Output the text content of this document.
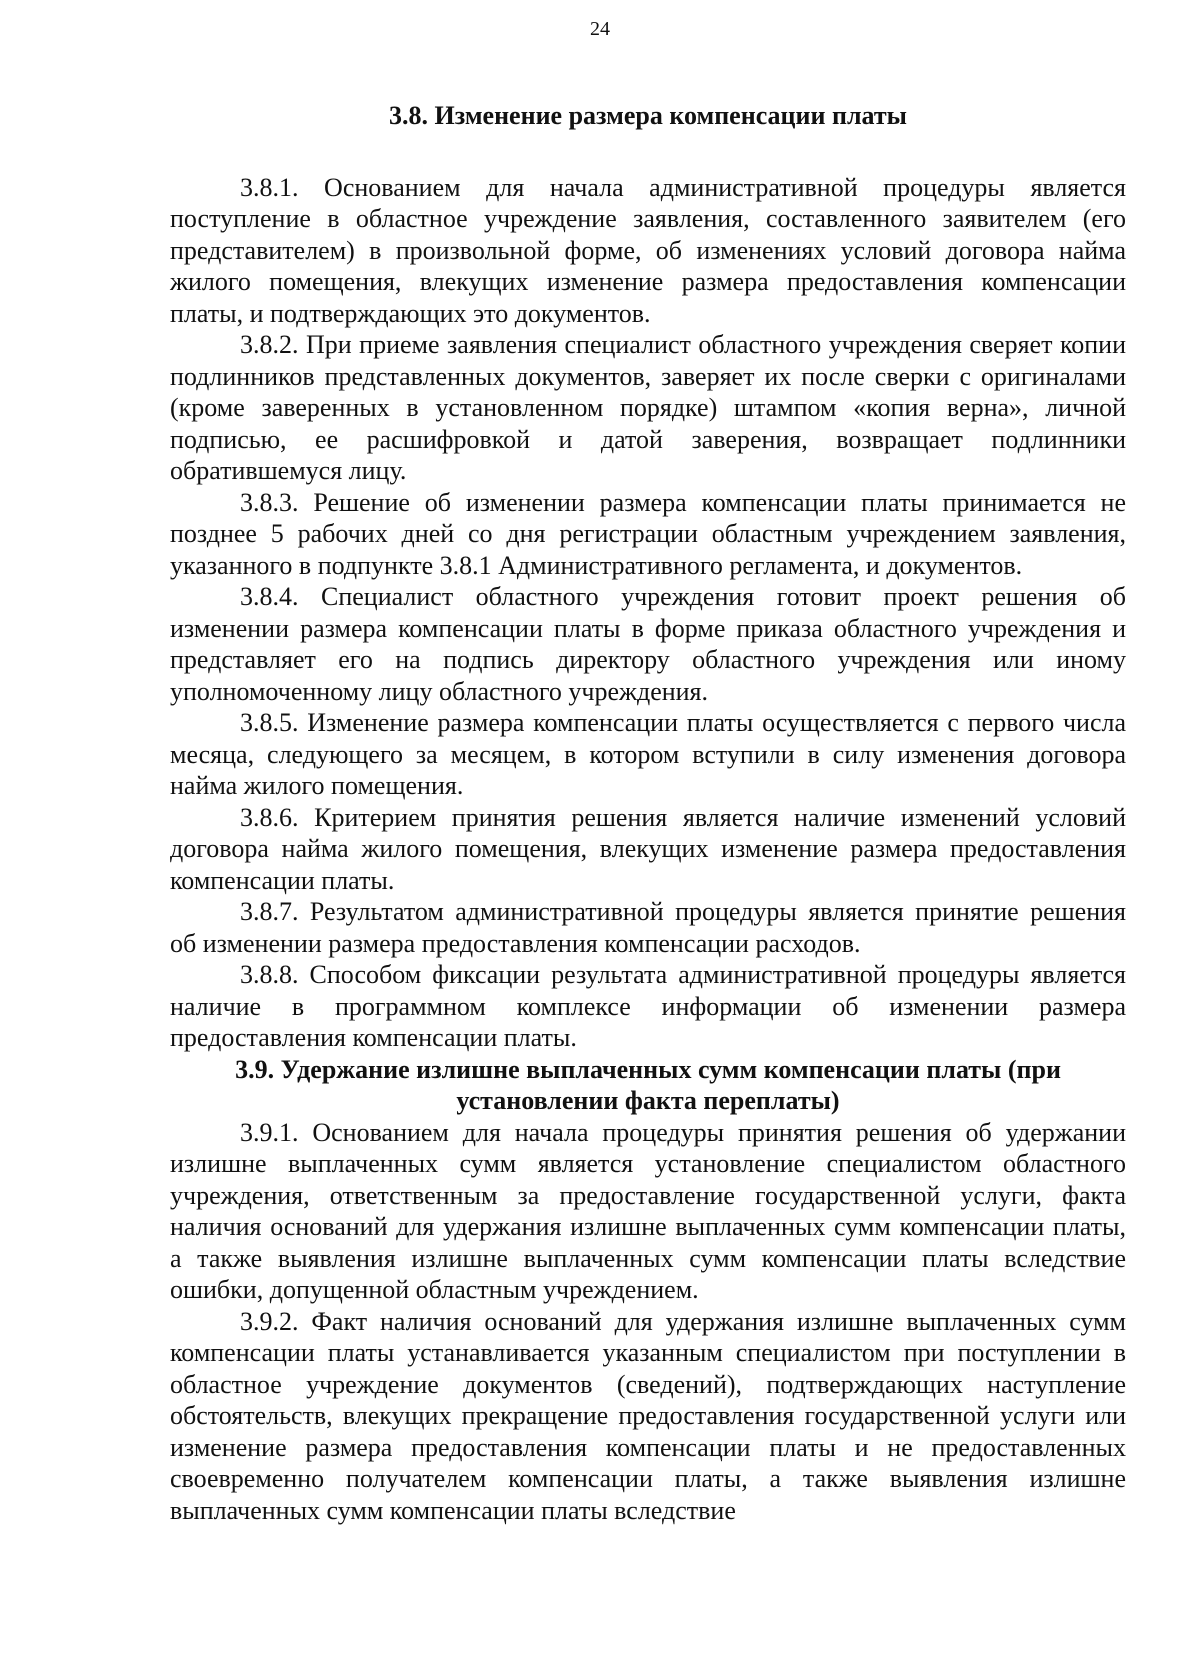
24
3.8. Изменение размера компенсации платы

3.8.1. Основанием для начала административной процедуры является поступление в областное учреждение заявления, составленного заявителем (его представителем) в произвольной форме, об изменениях условий договора найма жилого помещения, влекущих изменение размера предоставления компенсации платы, и подтверждающих это документов.

3.8.2. При приеме заявления специалист областного учреждения сверяет копии подлинников представленных документов, заверяет их после сверки с оригиналами (кроме заверенных в установленном порядке) штампом «копия верна», личной подписью, ее расшифровкой и датой заверения, возвращает подлинники обратившемуся лицу.

3.8.3. Решение об изменении размера компенсации платы принимается не позднее 5 рабочих дней со дня регистрации областным учреждением заявления, указанного в подпункте 3.8.1 Административного регламента, и документов.

3.8.4. Специалист областного учреждения готовит проект решения об изменении размера компенсации платы в форме приказа областного учреждения и представляет его на подпись директору областного учреждения или иному уполномоченному лицу областного учреждения.

3.8.5. Изменение размера компенсации платы осуществляется с первого числа месяца, следующего за месяцем, в котором вступили в силу изменения договора найма жилого помещения.

3.8.6. Критерием принятия решения является наличие изменений условий договора найма жилого помещения, влекущих изменение размера предоставления компенсации платы.

3.8.7. Результатом административной процедуры является принятие решения об изменении размера предоставления компенсации расходов.

3.8.8. Способом фиксации результата административной процедуры является наличие в программном комплексе информации об изменении размера предоставления компенсации платы.

3.9. Удержание излишне выплаченных сумм компенсации платы (при установлении факта переплаты)

3.9.1. Основанием для начала процедуры принятия решения об удержании излишне выплаченных сумм является установление специалистом областного учреждения, ответственным за предоставление государственной услуги, факта наличия оснований для удержания излишне выплаченных сумм компенсации платы, а также выявления излишне выплаченных сумм компенсации платы вследствие ошибки, допущенной областным учреждением.

3.9.2. Факт наличия оснований для удержания излишне выплаченных сумм компенсации платы устанавливается указанным специалистом при поступлении в областное учреждение документов (сведений), подтверждающих наступление обстоятельств, влекущих прекращение предоставления государственной услуги или изменение размера предоставления компенсации платы и не предоставленных своевременно получателем компенсации платы, а также выявления излишне выплаченных сумм компенсации платы вследствие
